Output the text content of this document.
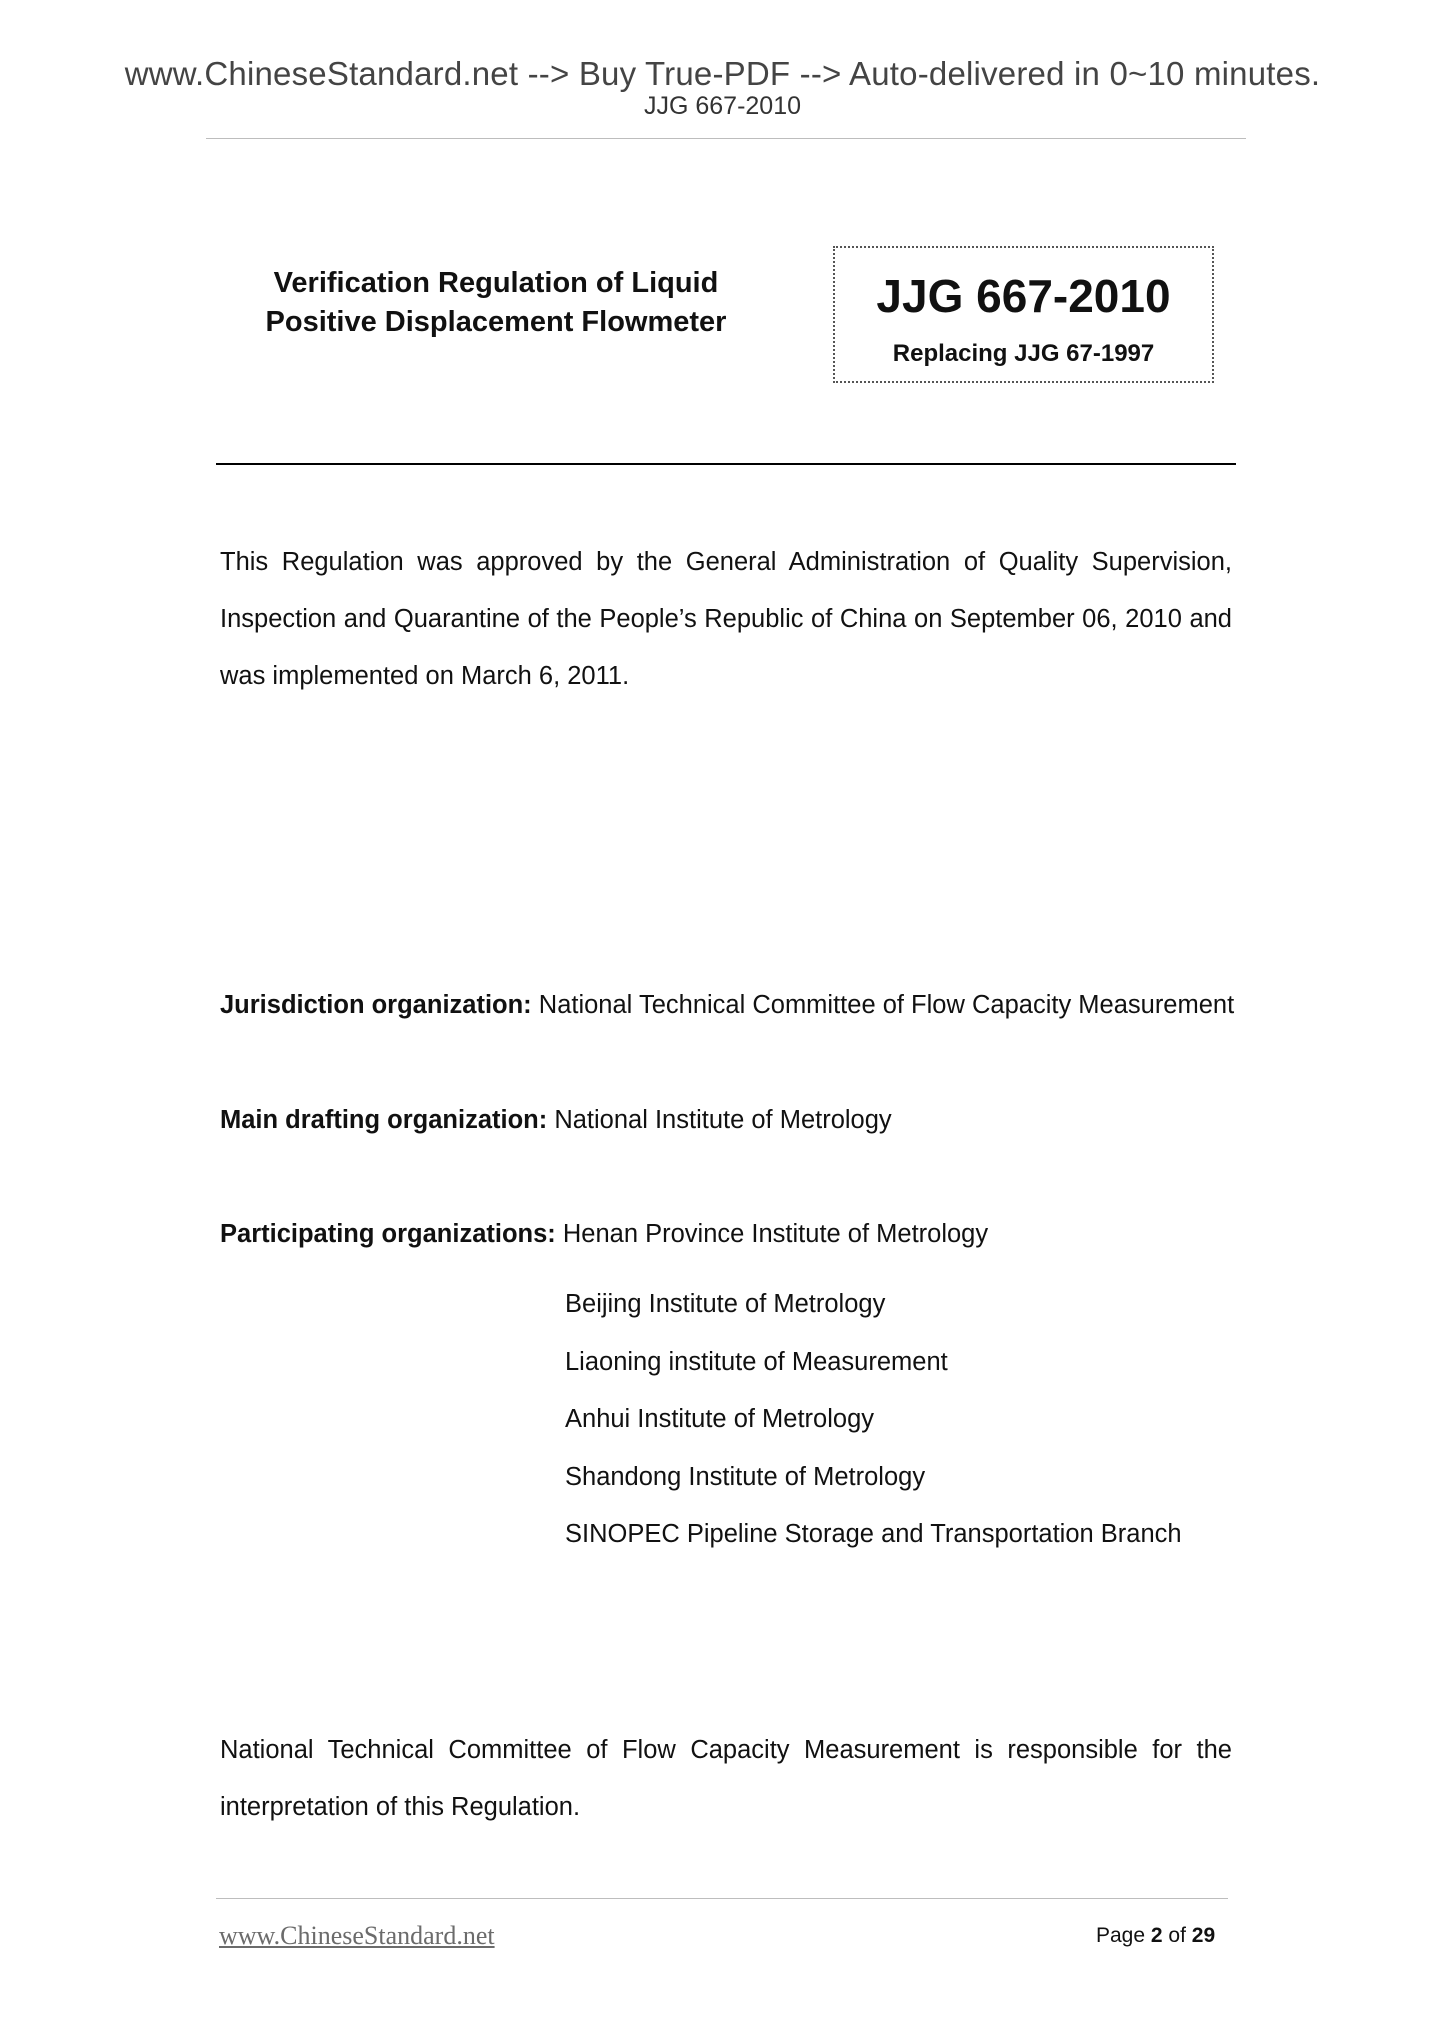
www.ChineseStandard.net --> Buy True-PDF --> Auto-delivered in 0~10 minutes.
JJG 667-2010
Verification Regulation of Liquid
Positive Displacement Flowmeter	JJG 667-2010
Replacing JJG 67-1997
This Regulation was approved by the General Administration of Quality Supervision, Inspection and Quarantine of the People’s Republic of China on September 06, 2010 and was implemented on March 6, 2011.
Jurisdiction organization: National Technical Committee of Flow Capacity Measurement
Main drafting organization: National Institute of Metrology
Participating organizations: Henan Province Institute of Metrology
Beijing Institute of Metrology
Liaoning institute of Measurement
Anhui Institute of Metrology
Shandong Institute of Metrology
SINOPEC Pipeline Storage and Transportation Branch
National Technical Committee of Flow Capacity Measurement is responsible for the interpretation of this Regulation.
www.ChineseStandard.net	Page 2 of 29
